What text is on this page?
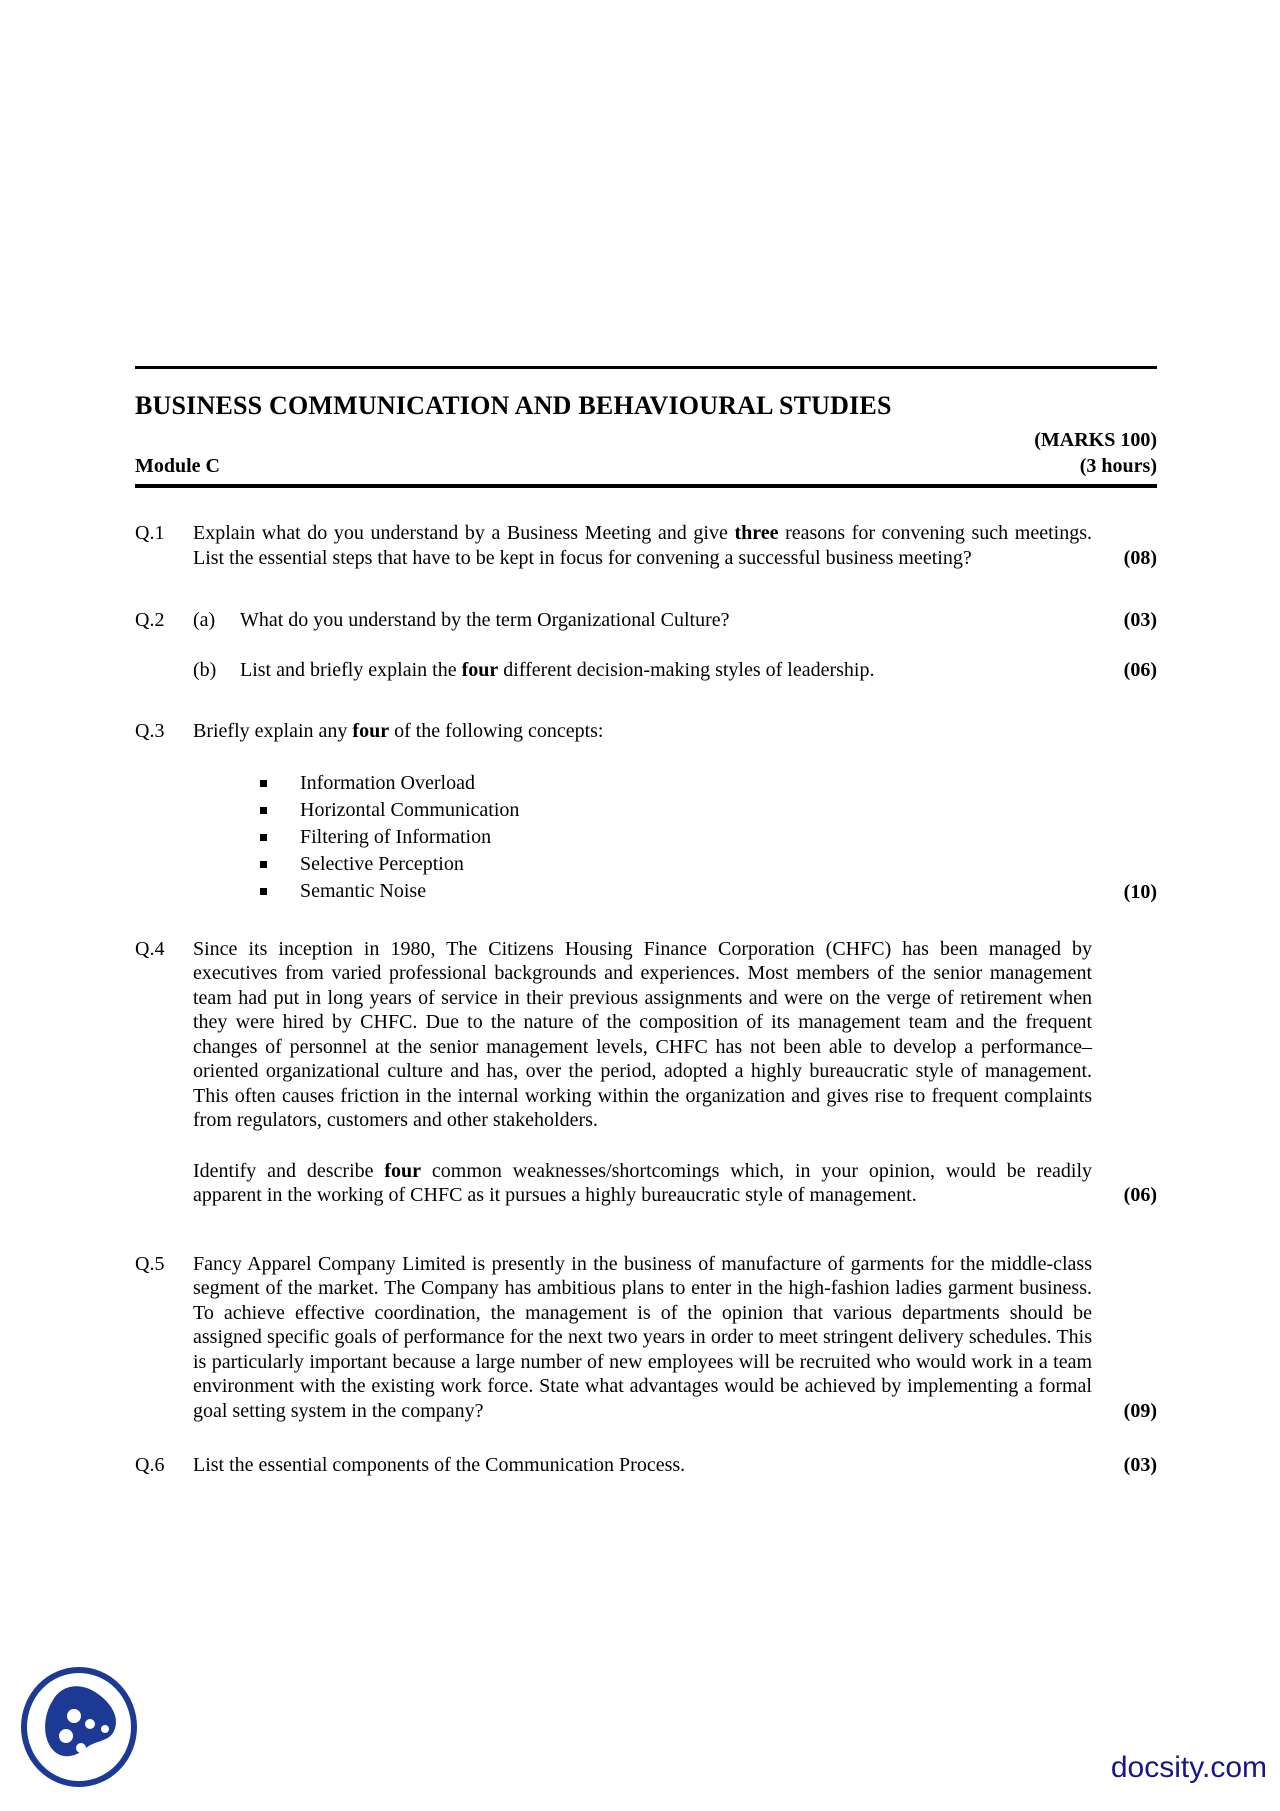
BUSINESS COMMUNICATION AND BEHAVIOURAL STUDIES
(MARKS 100)
Module C	(3 hours)
Q.1	Explain what do you understand by a Business Meeting and give three reasons for convening such meetings. List the essential steps that have to be kept in focus for convening a successful business meeting?	(08)
Q.2	(a)	What do you understand by the term Organizational Culture?	(03)
(b)	List and briefly explain the four different decision-making styles of leadership.	(06)
Q.3	Briefly explain any four of the following concepts:
Information Overload
Horizontal Communication
Filtering of Information
Selective Perception
Semantic Noise	(10)
Q.4	Since its inception in 1980, The Citizens Housing Finance Corporation (CHFC) has been managed by executives from varied professional backgrounds and experiences. Most members of the senior management team had put in long years of service in their previous assignments and were on the verge of retirement when they were hired by CHFC. Due to the nature of the composition of its management team and the frequent changes of personnel at the senior management levels, CHFC has not been able to develop a performance–oriented organizational culture and has, over the period, adopted a highly bureaucratic style of management. This often causes friction in the internal working within the organization and gives rise to frequent complaints from regulators, customers and other stakeholders.
Identify and describe four common weaknesses/shortcomings which, in your opinion, would be readily apparent in the working of CHFC as it pursues a highly bureaucratic style of management.	(06)
Q.5	Fancy Apparel Company Limited is presently in the business of manufacture of garments for the middle-class segment of the market. The Company has ambitious plans to enter in the high-fashion ladies garment business. To achieve effective coordination, the management is of the opinion that various departments should be assigned specific goals of performance for the next two years in order to meet stringent delivery schedules. This is particularly important because a large number of new employees will be recruited who would work in a team environment with the existing work force. State what advantages would be achieved by implementing a formal goal setting system in the company?	(09)
Q.6	List the essential components of the Communication Process.	(03)
docsity.com
